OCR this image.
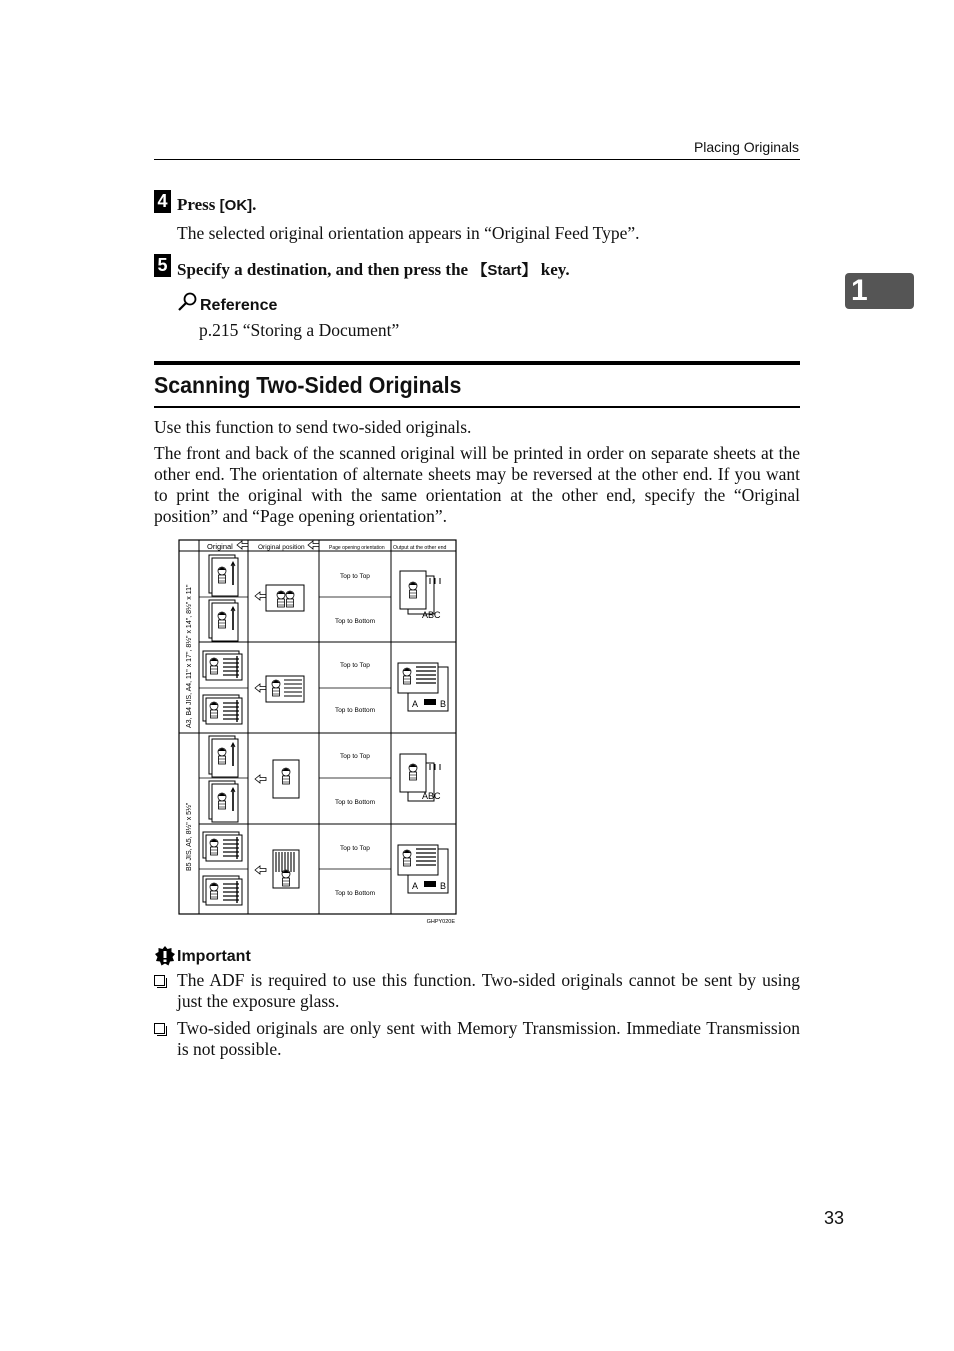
Placing Originals
1
4 Press [OK].
The selected original orientation appears in “Original Feed Type”.
5 Specify a destination, and then press the 【Start】 key.
Reference
p.215 “Storing a Document”
Scanning Two-Sided Originals
Use this function to send two-sided originals.
The front and back of the scanned original will be printed in order on separate sheets at the other end. The orientation of alternate sheets may be reversed at the other end. If you want to print the original with the same orientation at the other end, specify the “Original position” and “Page opening orientation”.
Original	Original position	Page opening orientation Output at the other end
A3, B4 JIS, A4, 11" x 17", 8½" x 14", 8½" x 11"
B5 JIS, A5, 8½" x 5½"
Top to Top
Top to Bottom
Top to Top
Top to Bottom
Top to Top
Top to Bottom
Top to Top
Top to Bottom
ABC
A B
ABC
A B
GHPY020E
Important
The ADF is required to use this function. Two-sided originals cannot be sent by using just the exposure glass.
Two-sided originals are only sent with Memory Transmission. Immediate Transmission is not possible.
33
